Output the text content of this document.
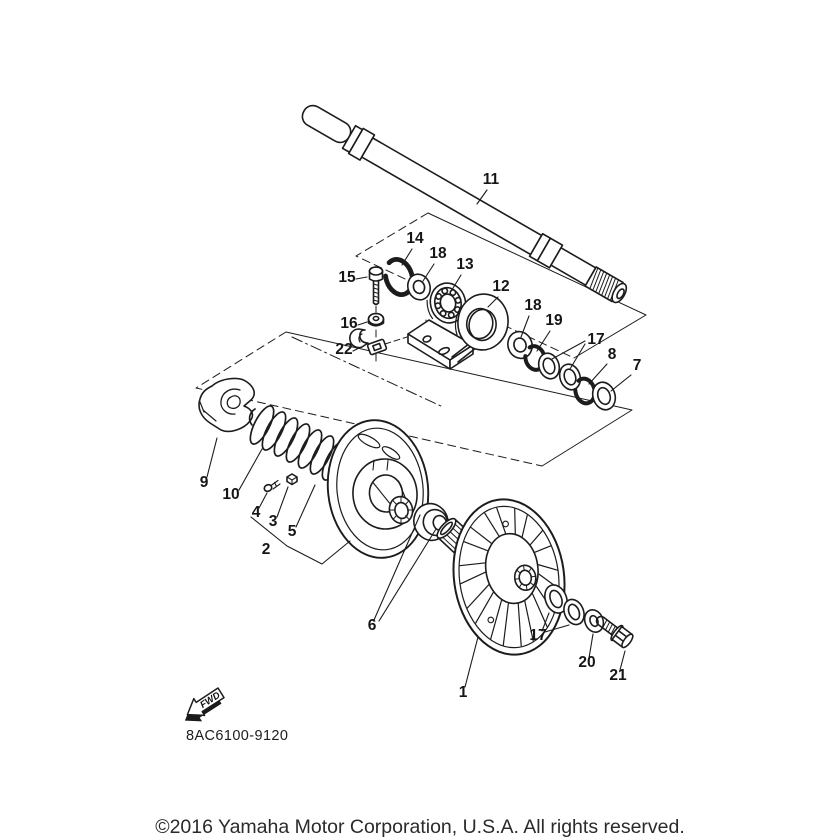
11
14
18
13
15
12
18
19
17
8
7
16
22
9
10
4
3
5
2
6
1
17
20
21
FWD
8AC6100-9120
©2016 Yamaha Motor Corporation, U.S.A. All rights reserved.
